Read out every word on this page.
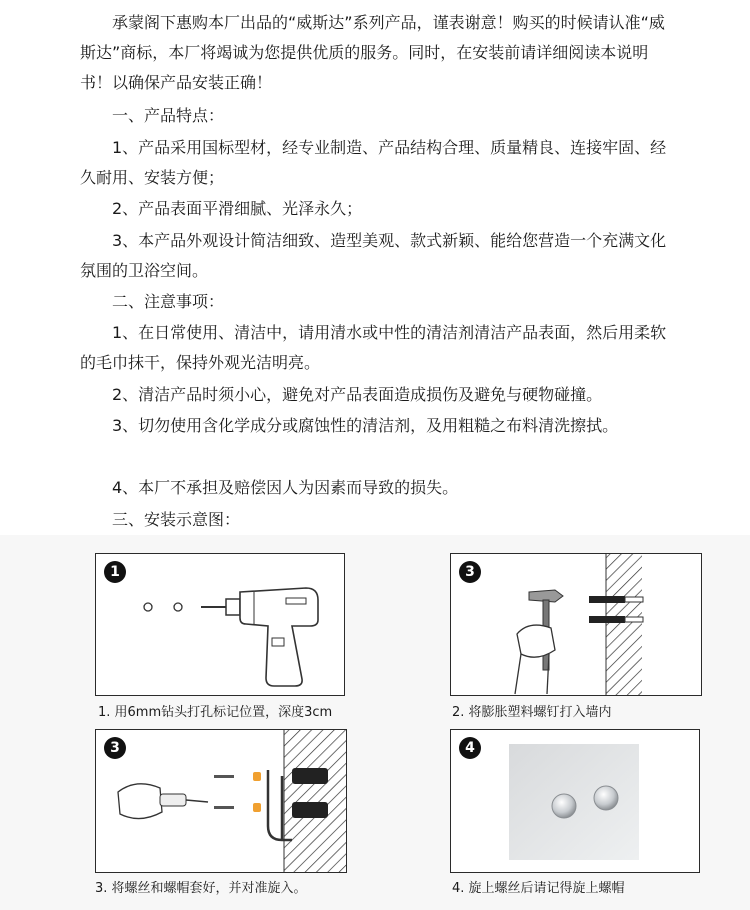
承蒙阁下惠购本厂出品的“威斯达”系列产品，谨表谢意！购买的时候请认准“威斯达”商标，本厂将竭诚为您提供优质的服务。同时，在安装前请详细阅读本说明书！以确保产品安装正确！
一、产品特点：
1、产品采用国标型材，经专业制造、产品结构合理、质量精良、连接牢固、经久耐用、安装方便；
2、产品表面平滑细腻、光泽永久；
3、本产品外观设计简洁细致、造型美观、款式新颖、能给您营造一个充满文化氛围的卫浴空间。
二、注意事项：
1、在日常使用、清洁中，请用清水或中性的清洁剂清洁产品表面，然后用柔软的毛巾抹干，保持外观光洁明亮。
2、清洁产品时须小心，避免对产品表面造成损伤及避免与硬物碰撞。
3、切勿使用含化学成分或腐蚀性的清洁剂，及用粗糙之布料清洗擦拭。
4、本厂不承担及赔偿因人为因素而导致的损失。
三、安装示意图：
1
1. 用6mm钻头打孔标记位置，深度3cm
3
2. 将膨胀塑料螺钉打入墙内
3
3. 将螺丝和螺帽套好，并对准旋入。
4
4. 旋上螺丝后请记得旋上螺帽
